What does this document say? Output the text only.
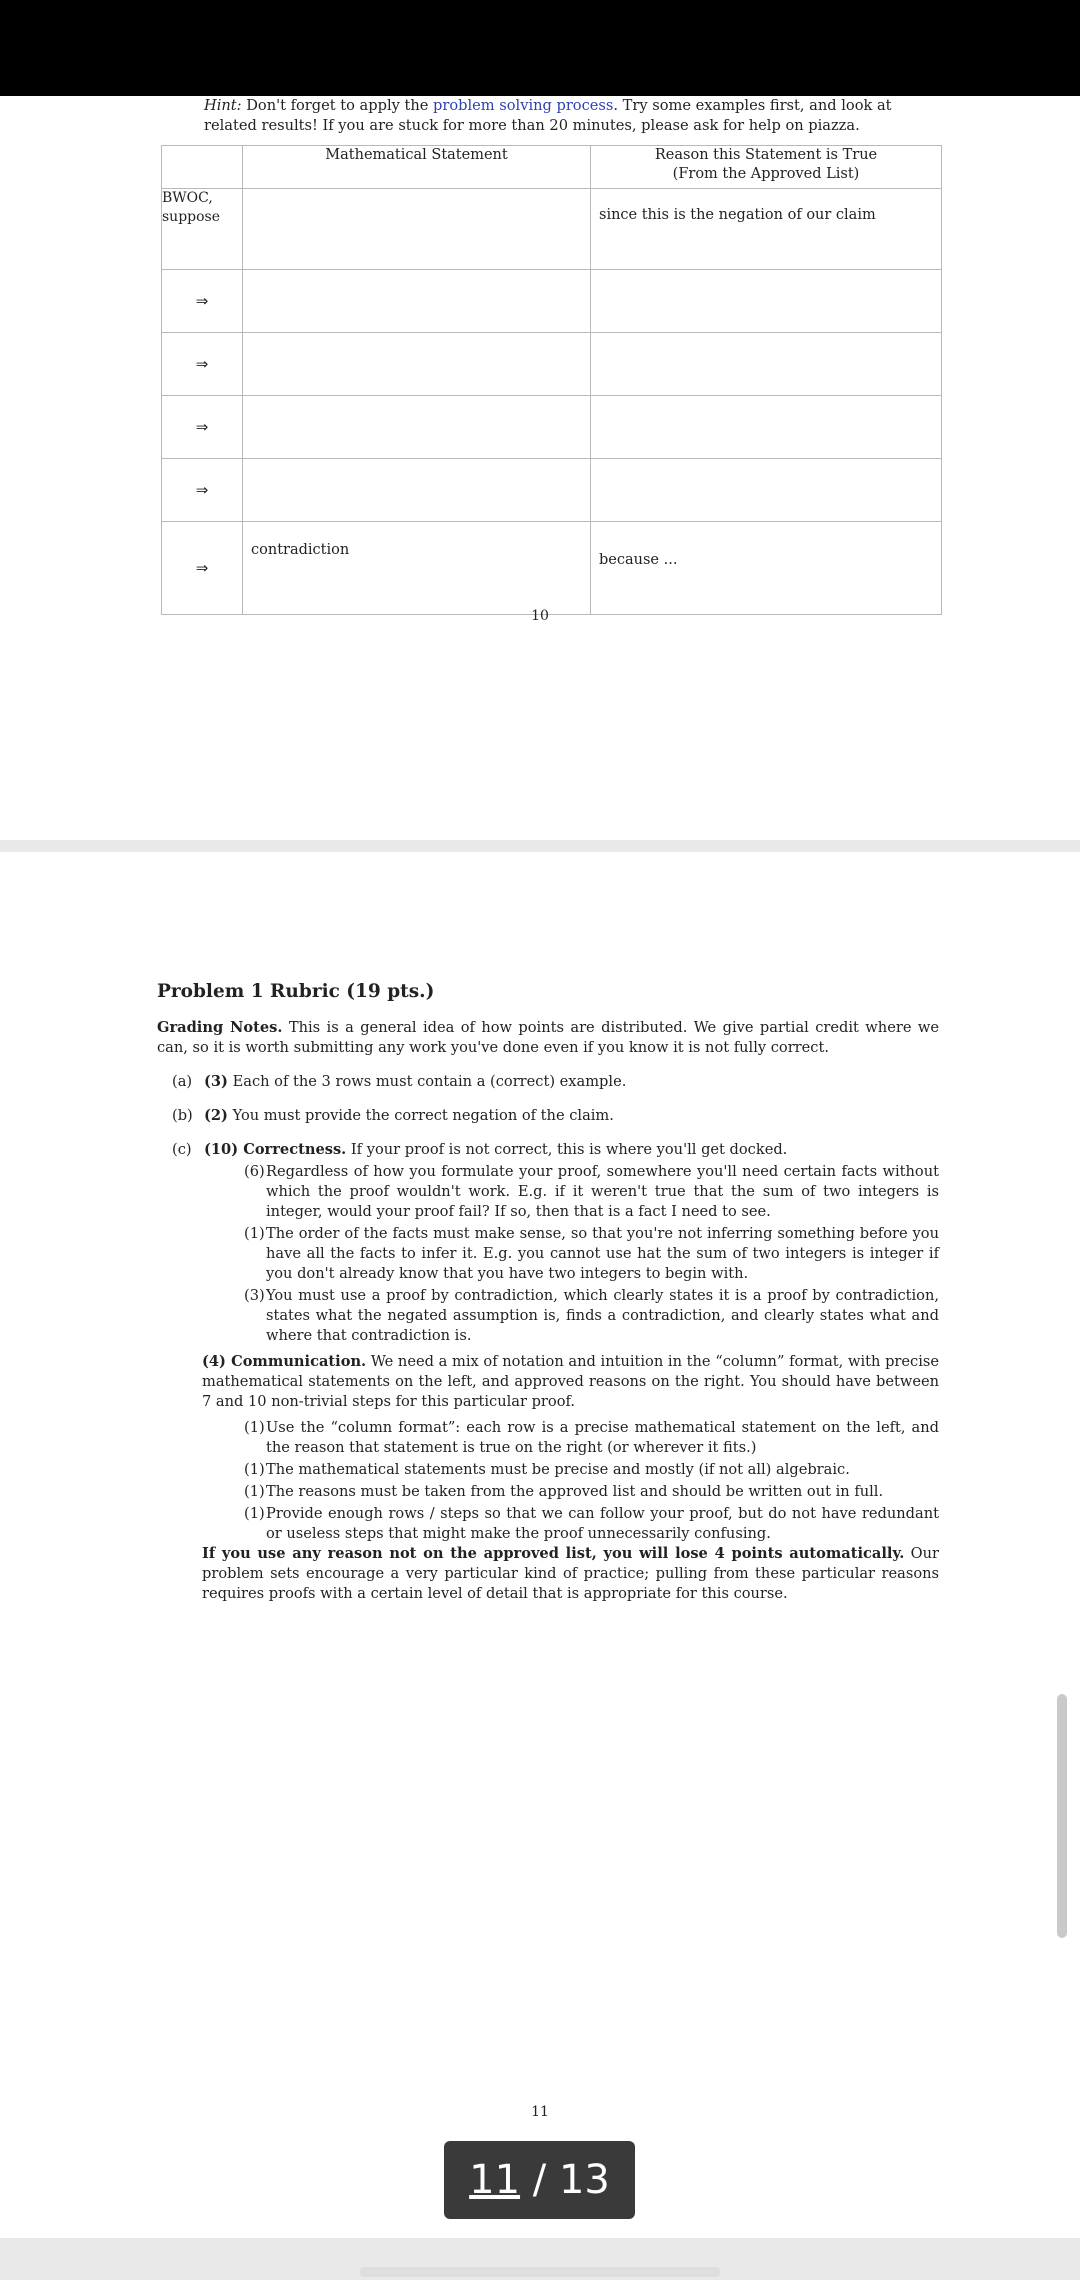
Hint: Don't forget to apply the problem solving process. Try some examples first, and look at related results! If you are stuck for more than 20 minutes, please ask for help on piazza.
	Mathematical Statement	Reason this Statement is True
(From the Approved List)
BWOC,
suppose		since this is the negation of our claim
⇒		
⇒		
⇒		
⇒		
⇒	contradiction	because ...
10
Problem 1 Rubric (19 pts.)

Grading Notes. This is a general idea of how points are distributed. We give partial credit where we can, so it is worth submitting any work you've done even if you know it is not fully correct.

(a) (3) Each of the 3 rows must contain a (correct) example.
(b) (2) You must provide the correct negation of the claim.
(c) (10) Correctness. If your proof is not correct, this is where you'll get docked.
(6) Regardless of how you formulate your proof, somewhere you'll need certain facts without which the proof wouldn't work. E.g. if it weren't true that the sum of two integers is integer, would your proof fail? If so, then that is a fact I need to see.
(1) The order of the facts must make sense, so that you're not inferring something before you have all the facts to infer it. E.g. you cannot use hat the sum of two integers is integer if you don't already know that you have two integers to begin with.
(3) You must use a proof by contradiction, which clearly states it is a proof by contradiction, states what the negated assumption is, finds a contradiction, and clearly states what and where that contradiction is.
(4) Communication. We need a mix of notation and intuition in the “column” format, with precise mathematical statements on the left, and approved reasons on the right. You should have between 7 and 10 non-trivial steps for this particular proof.
(1) Use the “column format”: each row is a precise mathematical statement on the left, and the reason that statement is true on the right (or wherever it fits.)
(1) The mathematical statements must be precise and mostly (if not all) algebraic.
(1) The reasons must be taken from the approved list and should be written out in full.
(1) Provide enough rows / steps so that we can follow your proof, but do not have redundant or useless steps that might make the proof unnecessarily confusing.

If you use any reason not on the approved list, you will lose 4 points automatically. Our problem sets encourage a very particular kind of practice; pulling from these particular reasons requires proofs with a certain level of detail that is appropriate for this course.

11
11 / 13
